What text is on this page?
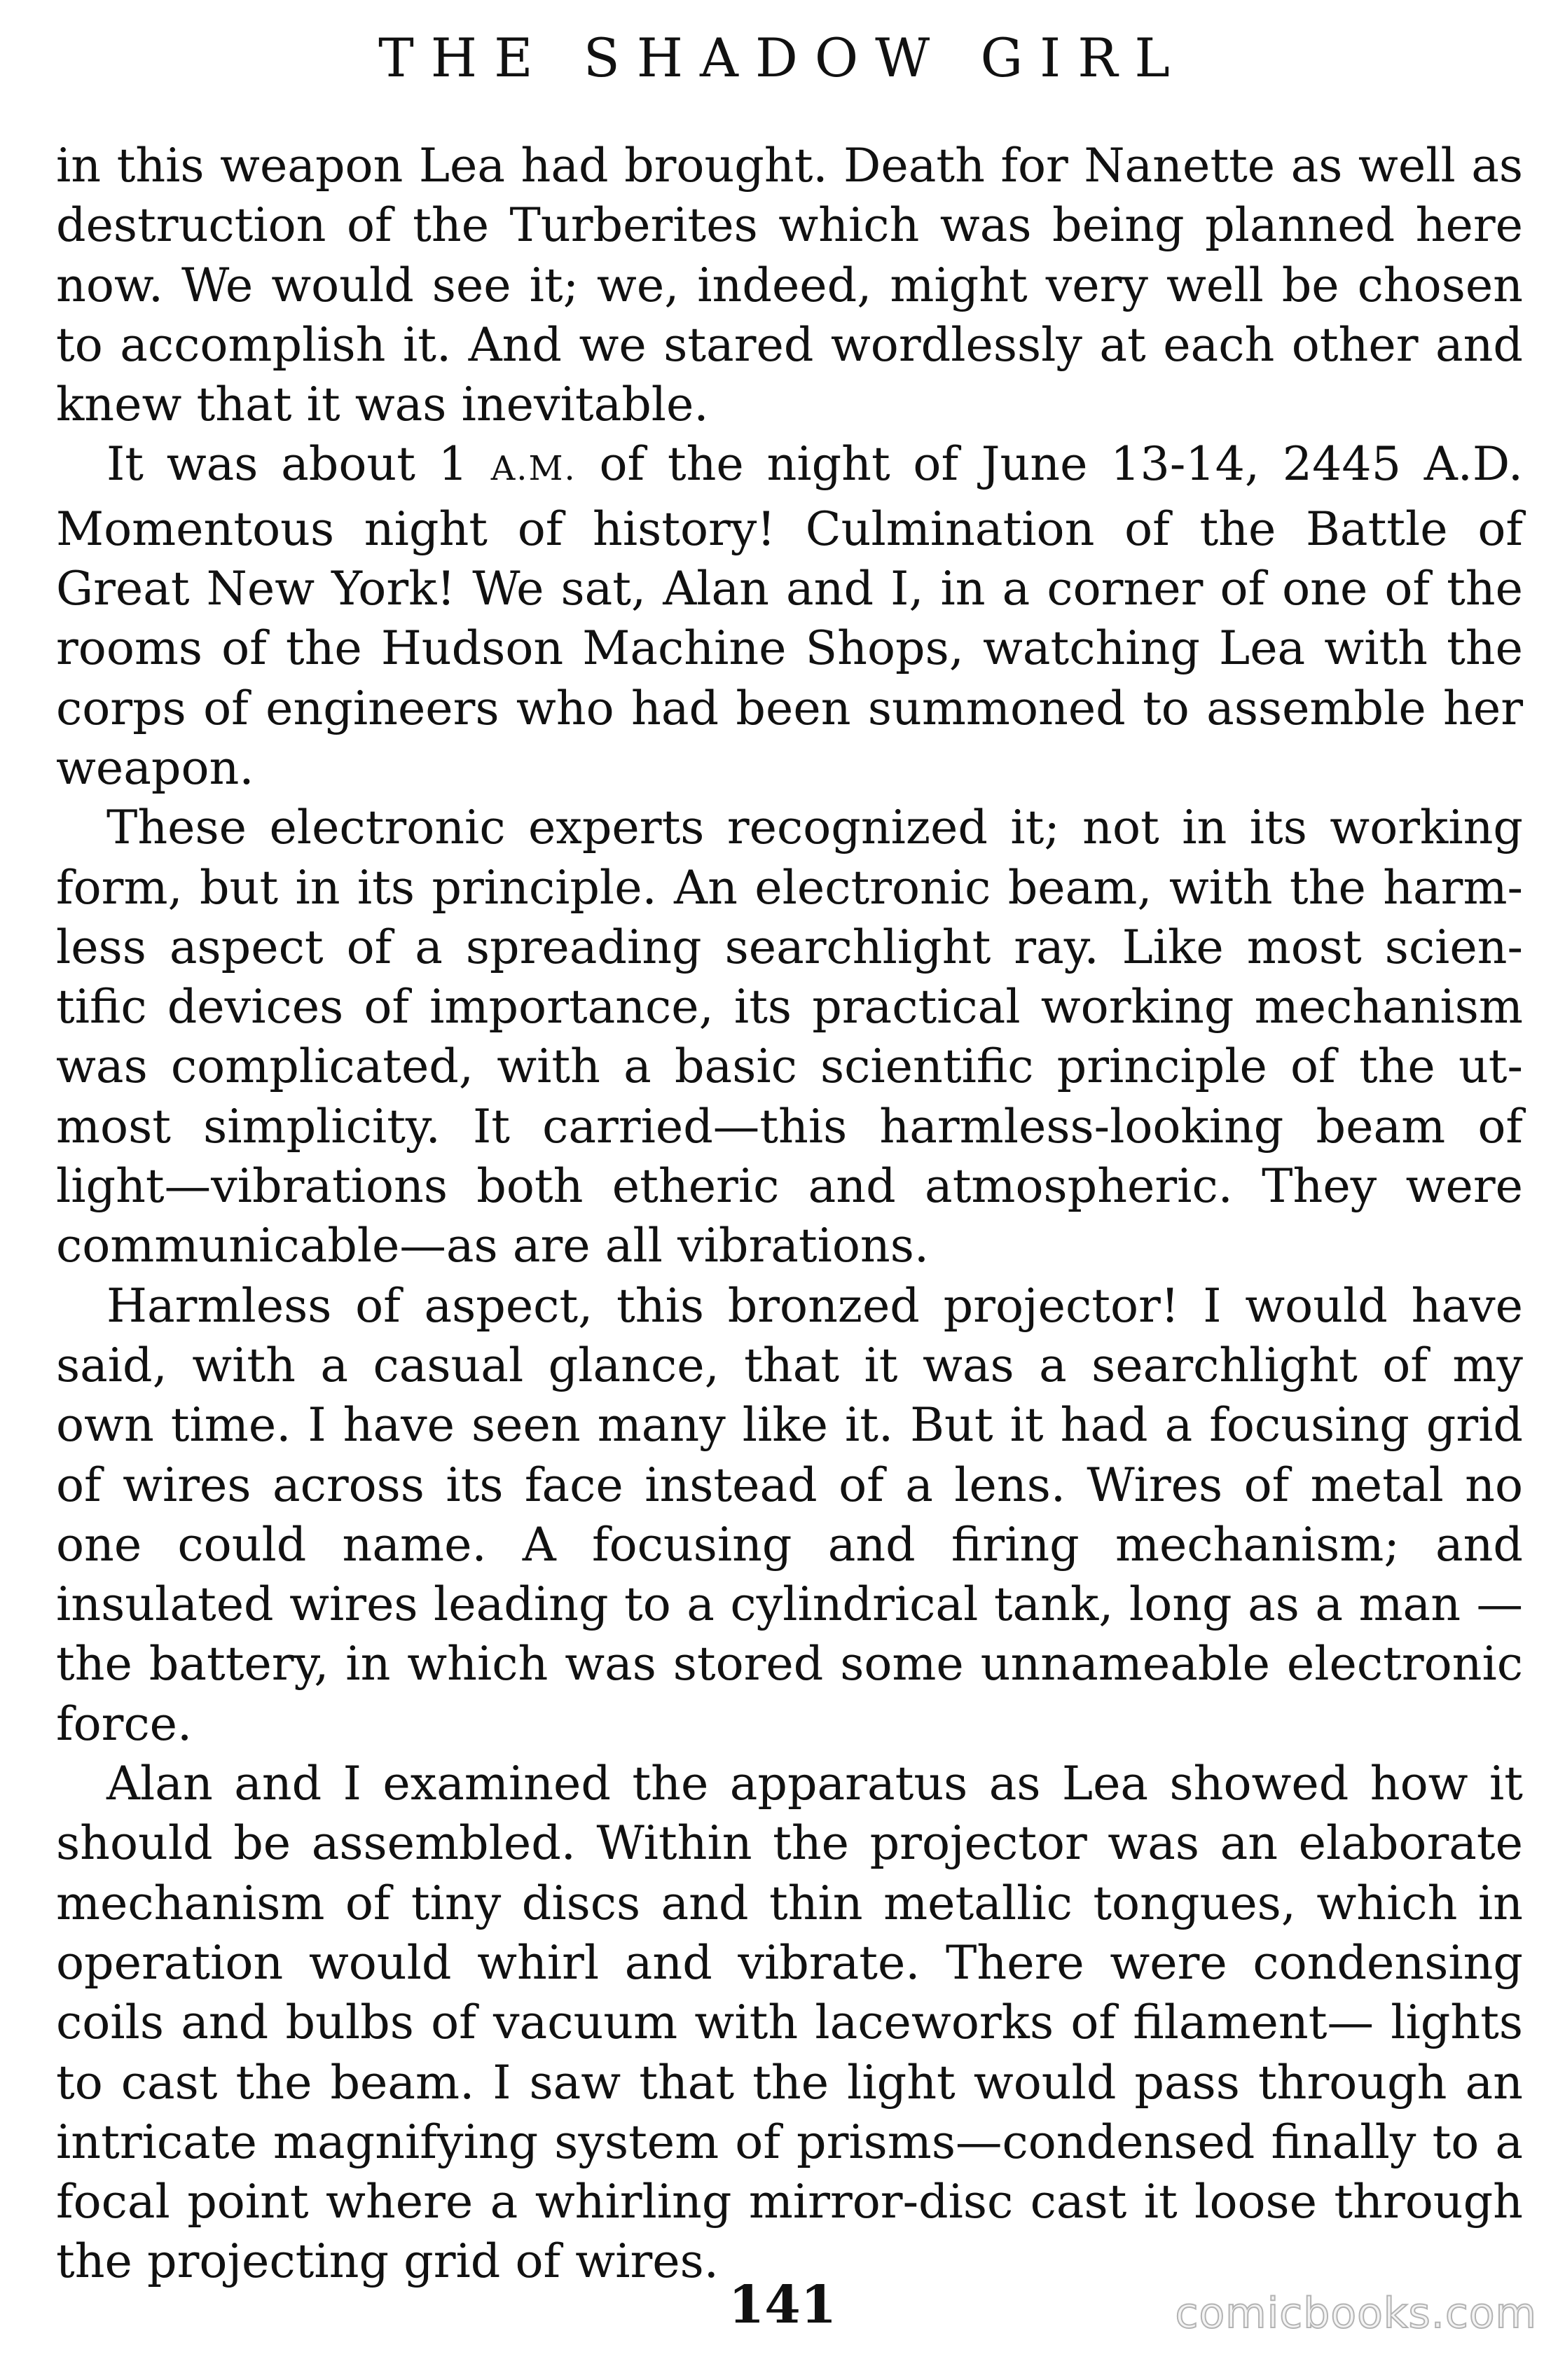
THE SHADOW GIRL

in this weapon Lea had brought. Death for Nanette as well as destruction of the Turberites which was being planned here now. We would see it; we, indeed, might very well be chosen to accomplish it. And we stared wordlessly at each other and knew that it was inevitable.

It was about 1 A.M. of the night of June 13-14, 2445 A.D. Momentous night of history! Culmination of the Battle of Great New York! We sat, Alan and I, in a corner of one of the rooms of the Hudson Machine Shops, watching Lea with the corps of engineers who had been summoned to assemble her weapon.

These electronic experts recognized it; not in its working form, but in its principle. An electronic beam, with the harmless aspect of a spreading searchlight ray. Like most scientific devices of importance, its practical working mechanism was complicated, with a basic scientific principle of the utmost simplicity. It carried—this harmless-looking beam of light—vibrations both etheric and atmospheric. They were communicable—as are all vibrations.

Harmless of aspect, this bronzed projector! I would have said, with a casual glance, that it was a searchlight of my own time. I have seen many like it. But it had a focusing grid of wires across its face instead of a lens. Wires of metal no one could name. A focusing and firing mechanism; and insulated wires leading to a cylindrical tank, long as a man —the battery, in which was stored some unnameable electronic force.

Alan and I examined the apparatus as Lea showed how it should be assembled. Within the projector was an elaborate mechanism of tiny discs and thin metallic tongues, which in operation would whirl and vibrate. There were condensing coils and bulbs of vacuum with laceworks of filament— lights to cast the beam. I saw that the light would pass through an intricate magnifying system of prisms—condensed finally to a focal point where a whirling mirror-disc cast it loose through the projecting grid of wires.

141	comicbooks.com
